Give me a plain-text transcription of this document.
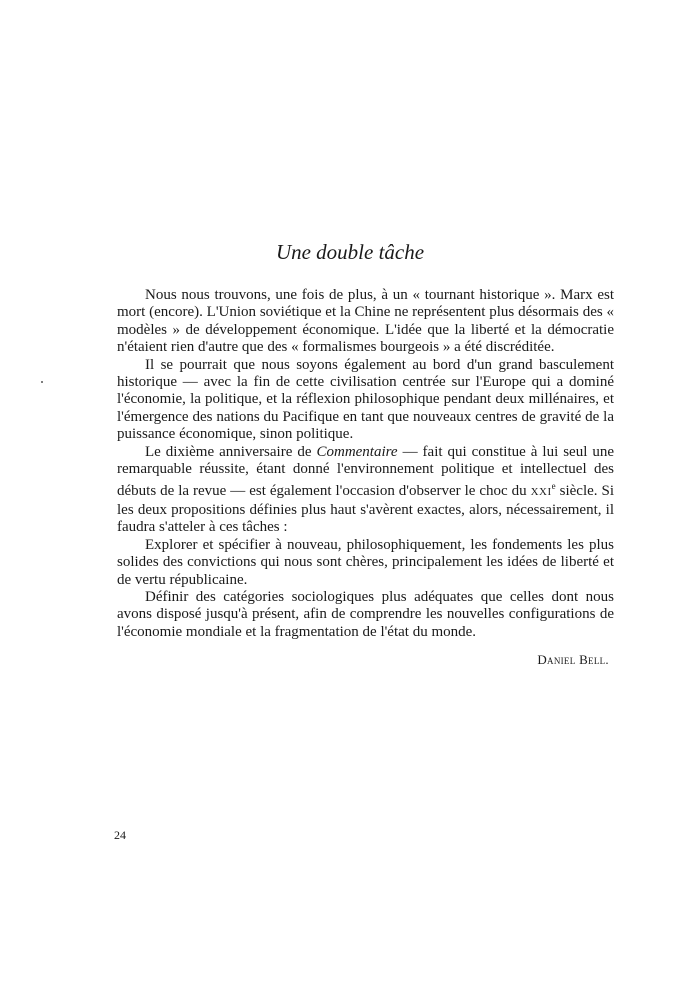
Une double tâche

Nous nous trouvons, une fois de plus, à un « tournant historique ». Marx est mort (encore). L'Union soviétique et la Chine ne représentent plus désormais des « modèles » de développement économique. L'idée que la liberté et la démocratie n'étaient rien d'autre que des « formalismes bourgeois » a été discréditée.

Il se pourrait que nous soyons également au bord d'un grand basculement historique — avec la fin de cette civilisation centrée sur l'Europe qui a dominé l'économie, la politique, et la réflexion philosophique pendant deux millénaires, et l'émergence des nations du Pacifique en tant que nouveaux centres de gravité de la puissance économique, sinon politique.

Le dixième anniversaire de Commentaire — fait qui constitue à lui seul une remarquable réussite, étant donné l'environnement politique et intellectuel des débuts de la revue — est également l'occasion d'observer le choc du XXIe siècle. Si les deux propositions définies plus haut s'avèrent exactes, alors, nécessairement, il faudra s'atteler à ces tâches :

Explorer et spécifier à nouveau, philosophiquement, les fondements les plus solides des convictions qui nous sont chères, principalement les idées de liberté et de vertu républicaine.

Définir des catégories sociologiques plus adéquates que celles dont nous avons disposé jusqu'à présent, afin de comprendre les nouvelles configurations de l'économie mondiale et la fragmentation de l'état du monde.

Daniel Bell.
24
